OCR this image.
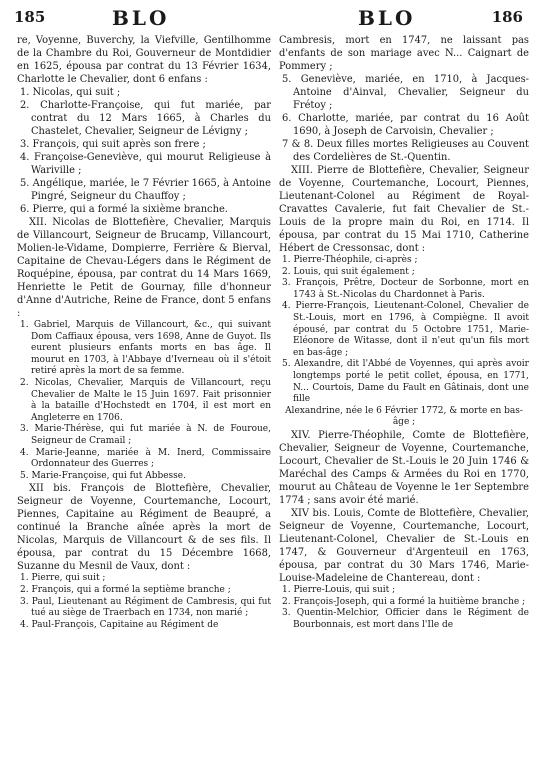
185	BLO	BLO	186

re, Voyenne, Buverchy, la Viefville, Gentilhomme de la Chambre du Roi, Gouverneur de Montdidier en 1625, épousa par contrat du 13 Février 1634, Charlotte le Chevalier, dont 6 enfans :

1. Nicolas, qui suit ;

2. Charlotte-Françoise, qui fut mariée, par contrat du 12 Mars 1665, à Charles du Chastelet, Chevalier, Seigneur de Lévigny ;

3. François, qui suit après son frere ;

4. Françoise-Geneviève, qui mourut Religieuse à Wariville ;

5. Angélique, mariée, le 7 Février 1665, à Antoine Pingré, Seigneur du Chauffoy ;

6. Pierre, qui a formé la sixième branche.

XII. Nicolas de Blottefière, Chevalier, Marquis de Villancourt, Seigneur de Brucamp, Villancourt, Molien-le-Vidame, Dompierre, Ferrière & Bierval, Capitaine de Chevau-Légers dans le Régiment de Roquépine, épousa, par contrat du 14 Mars 1669, Henriette le Petit de Gournay, fille d'honneur d'Anne d'Autriche, Reine de France, dont 5 enfans :

1. Gabriel, Marquis de Villancourt, &c., qui suivant Dom Caffiaux épousa, vers 1698, Anne de Guyot. Ils eurent plusieurs enfants morts en bas âge. Il mourut en 1703, à l'Abbaye d'Iverneau où il s'étoit retiré après la mort de sa femme.

2. Nicolas, Chevalier, Marquis de Villancourt, reçu Chevalier de Malte le 15 Juin 1697. Fait prisonnier à la bataille d'Hochstedt en 1704, il est mort en Angleterre en 1706.

3. Marie-Thérèse, qui fut mariée à N. de Fouroue, Seigneur de Cramail ;

4. Marie-Jeanne, mariée à M. Inerd, Commissaire Ordonnateur des Guerres ;

5. Marie-Françoise, qui fut Abbesse.

XII bis. François de Blottefière, Chevalier, Seigneur de Voyenne, Courtemanche, Locourt, Piennes, Capitaine au Régiment de Beaupré, a continué la Branche aînée après la mort de Nicolas, Marquis de Villancourt & de ses fils. Il épousa, par contrat du 15 Décembre 1668, Suzanne du Mesnil de Vaux, dont :

1. Pierre, qui suit ;

2. François, qui a formé la septième branche ;

3. Paul, Lieutenant au Régiment de Cambresis, qui fut tué au siège de Traerbach en 1734, non marié ;

4. Paul-François, Capitaine au Régiment de

Cambresis, mort en 1747, ne laissant pas d'enfants de son mariage avec N... Caignart de Pommery ;

5. Geneviève, mariée, en 1710, à Jacques-Antoine d'Ainval, Chevalier, Seigneur du Frétoy ;

6. Charlotte, mariée, par contrat du 16 Août 1690, à Joseph de Carvoisin, Chevalier ;

7 & 8. Deux filles mortes Religieuses au Couvent des Cordelières de St.-Quentin.

XIII. Pierre de Blottefière, Chevalier, Seigneur de Voyenne, Courtemanche, Locourt, Piennes, Lieutenant-Colonel au Régiment de Royal-Cravattes Cavalerie, fut fait Chevalier de St.-Louis de la propre main du Roi, en 1714. Il épousa, par contrat du 15 Mai 1710, Catherine Hébert de Cressonsac, dont :

1. Pierre-Théophile, ci-après ;

2. Louis, qui suit également ;

3. François, Prêtre, Docteur de Sorbonne, mort en 1743 à St.-Nicolas du Chardonnet à Paris.

4. Pierre-François, Lieutenant-Colonel, Chevalier de St.-Louis, mort en 1796, à Compiègne. Il avoit épousé, par contrat du 5 Octobre 1751, Marie-Eléonore de Witasse, dont il n'eut qu'un fils mort en bas-âge ;

5. Alexandre, dit l'Abbé de Voyennes, qui après avoir longtemps porté le petit collet, épousa, en 1771, N... Courtois, Dame du Fault en Gâtinais, dont une fille

Alexandrine, née le 6 Février 1772, & morte en bas-âge ;

XIV. Pierre-Théophile, Comte de Blottefière, Chevalier, Seigneur de Voyenne, Courtemanche, Locourt, Chevalier de St.-Louis le 20 Juin 1746 & Maréchal des Camps & Armées du Roi en 1770, mourut au Château de Voyenne le 1er Septembre 1774 ; sans avoir été marié.

XIV bis. Louis, Comte de Blottefière, Chevalier, Seigneur de Voyenne, Courtemanche, Locourt, Lieutenant-Colonel, Chevalier de St.-Louis en 1747, & Gouverneur d'Argenteuil en 1763, épousa, par contrat du 30 Mars 1746, Marie-Louise-Madeleine de Chantereau, dont :

1. Pierre-Louis, qui suit ;

2. François-Joseph, qui a formé la huitième branche ;

3. Quentin-Melchior, Officier dans le Régiment de Bourbonnais, est mort dans l'Ile de
